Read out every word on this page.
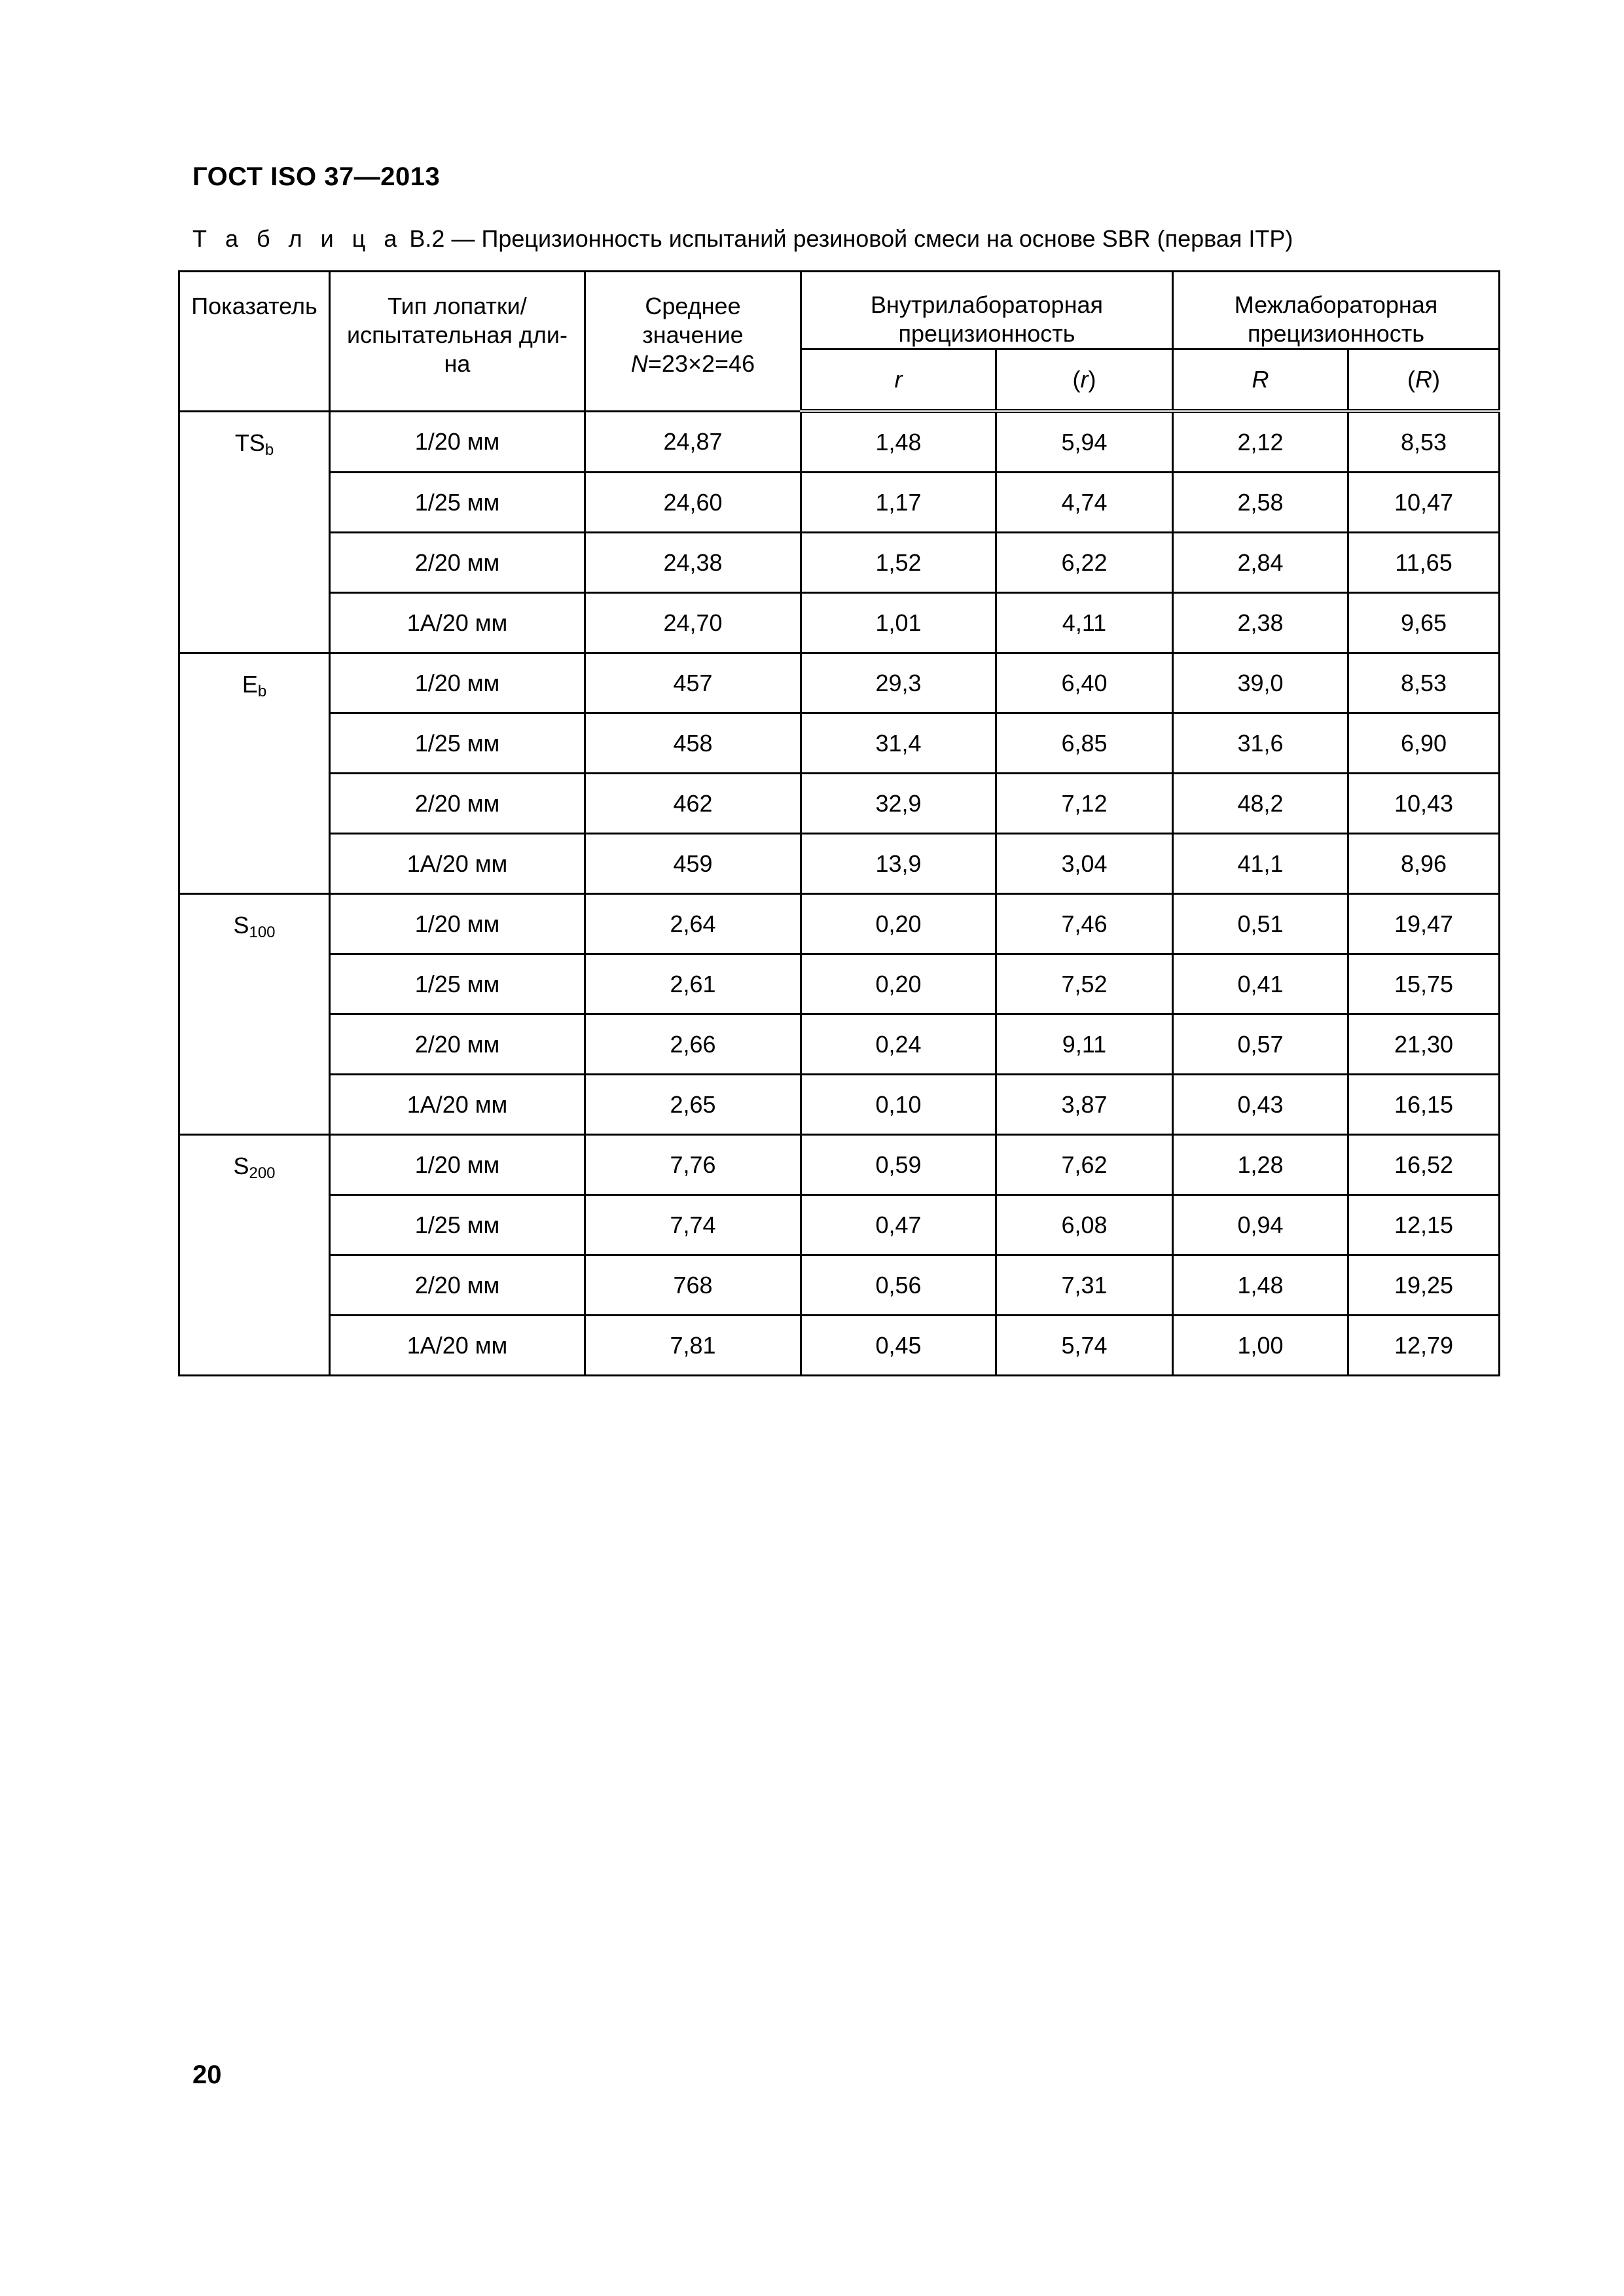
ГОСТ ISO 37—2013
Т а б л и ц а В.2 — Прецизионность испытаний резиновой смеси на основе SBR (первая ITP)
Показатель	Тип лопатки/
испытательная дли-
на	Среднее
значение
N=23×2=46	Внутрилабораторная
прецизионность		Межлабораторная
прецизионность	
			r	(r)	R	(R)
$TS_b$	1/20 мм	24,87	1,48	5,94	2,12	8,53
	1/25 мм	24,60	1,17	4,74	2,58	10,47
	2/20 мм	24,38	1,52	6,22	2,84	11,65
	1A/20 мм	24,70	1,01	4,11	2,38	9,65
$E_b$	1/20 мм	457	29,3	6,40	39,0	8,53
	1/25 мм	458	31,4	6,85	31,6	6,90
	2/20 мм	462	32,9	7,12	48,2	10,43
	1A/20 мм	459	13,9	3,04	41,1	8,96
$S_{100}$	1/20 мм	2,64	0,20	7,46	0,51	19,47
	1/25 мм	2,61	0,20	7,52	0,41	15,75
	2/20 мм	2,66	0,24	9,11	0,57	21,30
	1A/20 мм	2,65	0,10	3,87	0,43	16,15
$S_{200}$	1/20 мм	7,76	0,59	7,62	1,28	16,52
	1/25 мм	7,74	0,47	6,08	0,94	12,15
	2/20 мм	768	0,56	7,31	1,48	19,25
	1A/20 мм	7,81	0,45	5,74	1,00	12,79
20
